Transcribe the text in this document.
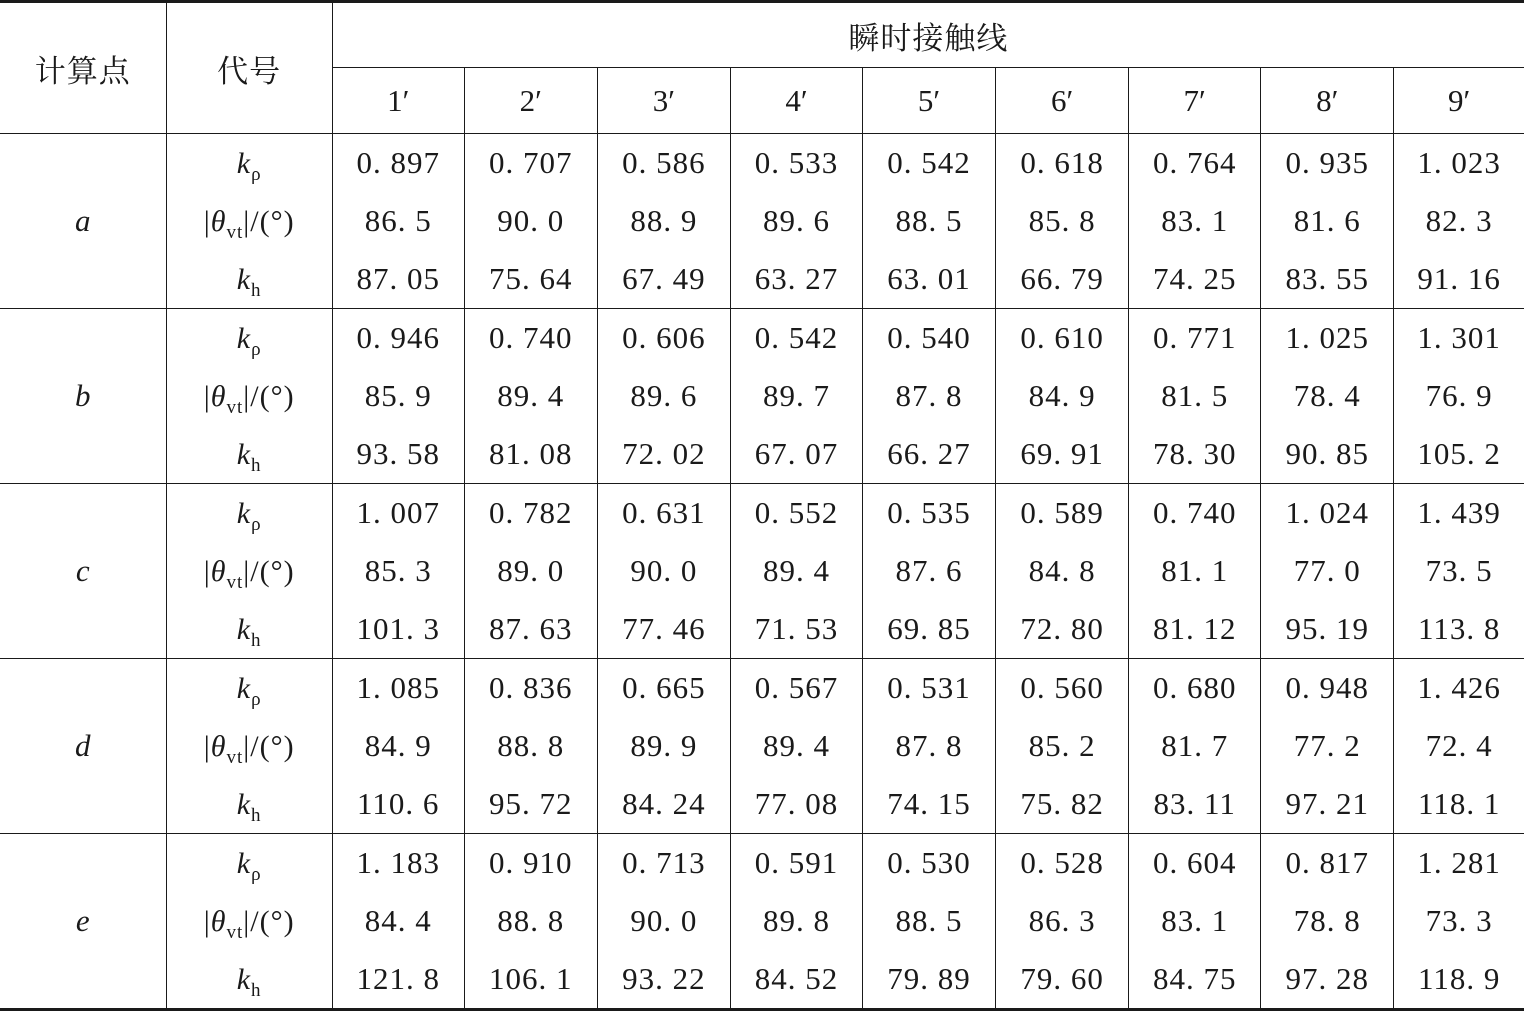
计算点	代号	瞬时接触线								
		1′	2′	3′	4′	5′	6′	7′	8′	9′
a	$k_\rho$	0. 897	0. 707	0. 586	0. 533	0. 542	0. 618	0. 764	0. 935	1. 023
	$|\theta_{vt}|/(^\circ)$	86. 5	90. 0	88. 9	89. 6	88. 5	85. 8	83. 1	81. 6	82. 3
	$k_h$	87. 05	75. 64	67. 49	63. 27	63. 01	66. 79	74. 25	83. 55	91. 16
b	$k_\rho$	0. 946	0. 740	0. 606	0. 542	0. 540	0. 610	0. 771	1. 025	1. 301
	$|\theta_{vt}|/(^\circ)$	85. 9	89. 4	89. 6	89. 7	87. 8	84. 9	81. 5	78. 4	76. 9
	$k_h$	93. 58	81. 08	72. 02	67. 07	66. 27	69. 91	78. 30	90. 85	105. 2
c	$k_\rho$	1. 007	0. 782	0. 631	0. 552	0. 535	0. 589	0. 740	1. 024	1. 439
	$|\theta_{vt}|/(^\circ)$	85. 3	89. 0	90. 0	89. 4	87. 6	84. 8	81. 1	77. 0	73. 5
	$k_h$	101. 3	87. 63	77. 46	71. 53	69. 85	72. 80	81. 12	95. 19	113. 8
d	$k_\rho$	1. 085	0. 836	0. 665	0. 567	0. 531	0. 560	0. 680	0. 948	1. 426
	$|\theta_{vt}|/(^\circ)$	84. 9	88. 8	89. 9	89. 4	87. 8	85. 2	81. 7	77. 2	72. 4
	$k_h$	110. 6	95. 72	84. 24	77. 08	74. 15	75. 82	83. 11	97. 21	118. 1
e	$k_\rho$	1. 183	0. 910	0. 713	0. 591	0. 530	0. 528	0. 604	0. 817	1. 281
	$|\theta_{vt}|/(^\circ)$	84. 4	88. 8	90. 0	89. 8	88. 5	86. 3	83. 1	78. 8	73. 3
	$k_h$	121. 8	106. 1	93. 22	84. 52	79. 89	79. 60	84. 75	97. 28	118. 9
